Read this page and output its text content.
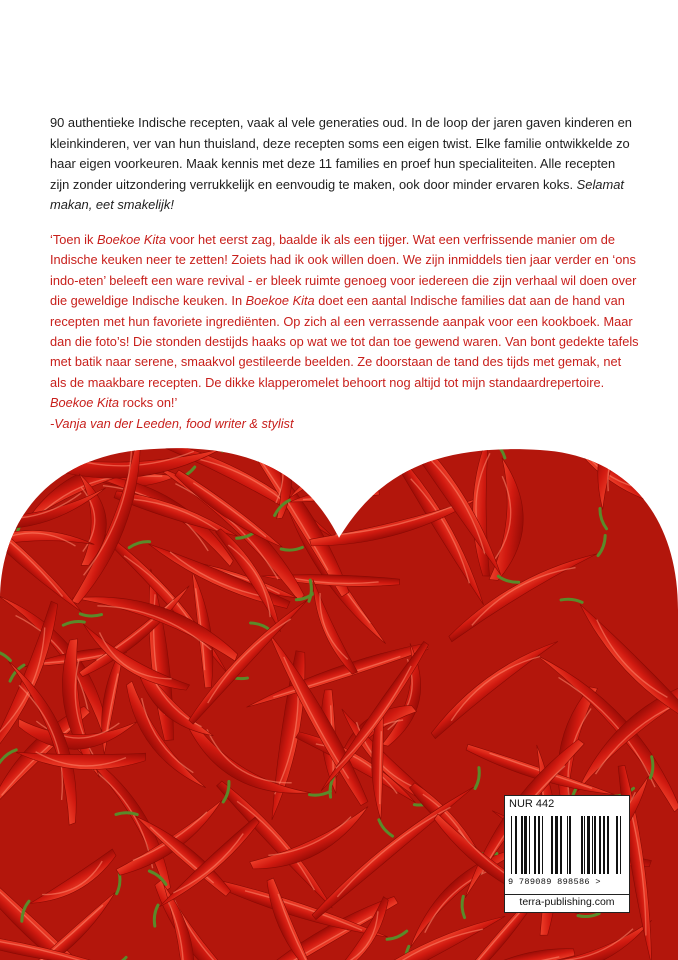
90 authentieke Indische recepten, vaak al vele generaties oud. In de loop der jaren gaven kinderen en kleinkinderen, ver van hun thuisland, deze recepten soms een eigen twist. Elke familie ontwikkelde zo haar eigen voorkeuren. Maak kennis met deze 11 families en proef hun specialiteiten. Alle recepten zijn zonder uitzondering verrukkelijk en eenvoudig te maken, ook door minder ervaren koks. Selamat makan, eet smakelijk!

‘Toen ik Boekoe Kita voor het eerst zag, baalde ik als een tijger. Wat een verfrissende manier om de Indische keuken neer te zetten! Zoiets had ik ook willen doen. We zijn inmiddels tien jaar verder en ‘ons indo-eten’ beleeft een ware revival - er bleek ruimte genoeg voor iedereen die zijn verhaal wil doen over die geweldige Indische keuken. In Boekoe Kita doet een aantal Indische families dat aan de hand van recepten met hun favoriete ingrediënten. Op zich al een verrassende aanpak voor een kookboek. Maar dan die foto’s! Die stonden destijds haaks op wat we tot dan toe gewend waren. Van bont gedekte tafels met batik naar serene, smaakvol gestileerde beelden. Ze doorstaan de tand des tijds met gemak, net als de maakbare recepten. De dikke klapperomelet behoort nog altijd tot mijn standaardrepertoire. Boekoe Kita rocks on!’
-Vanja van der Leeden, food writer & stylist

NUR 442
9 789089 898586 >
terra-publishing.com
